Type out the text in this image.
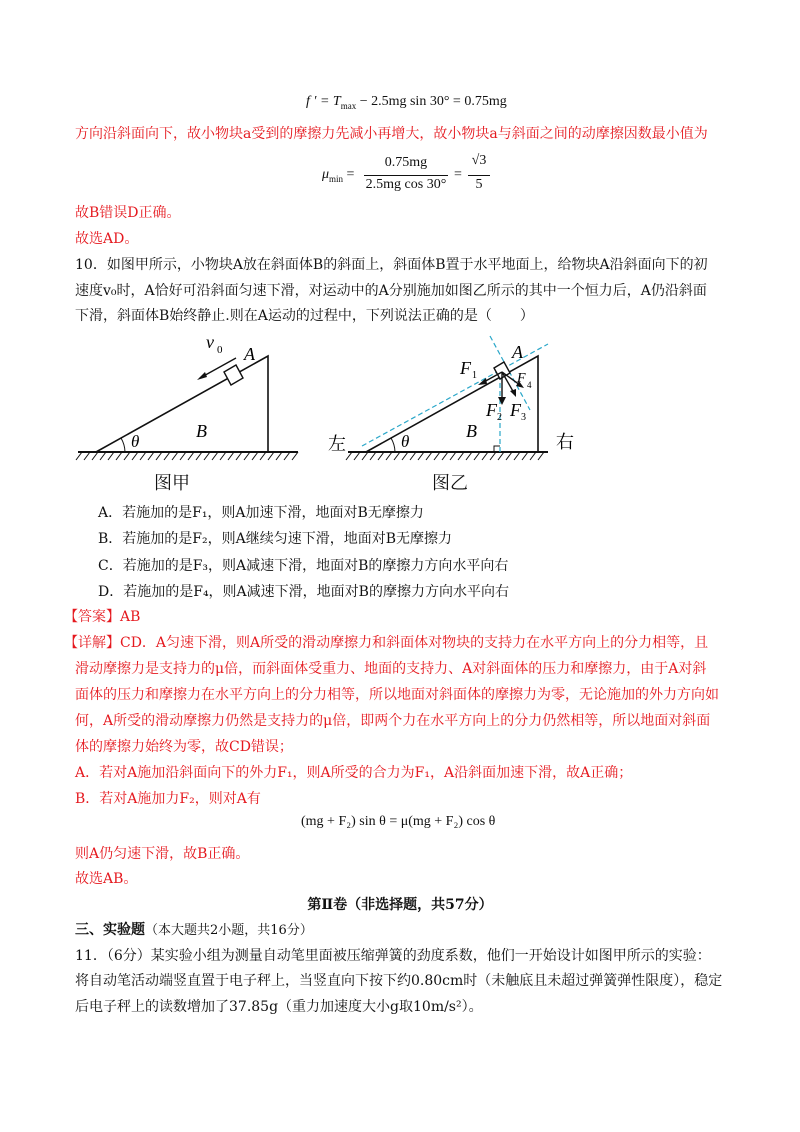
f ′ = $T_{max} - 2.5mg$ sin 30° = 0.75mg
方向沿斜面向下，故小物块a受到的摩擦力先减小再增大，故小物块a与斜面之间的动摩擦因数最小值为
$\mu_{min}$ =
0.75mg
2.5mg cos 30°
=
√3
5
故B错误D正确。
故选AD。
10．如图甲所示，小物块A放在斜面体B的斜面上，斜面体B置于水平地面上，给物块A沿斜面向下的初
速度v₀时，A恰好可沿斜面匀速下滑，对运动中的A分别施加如图乙所示的其中一个恒力后，A仍沿斜面
下滑，斜面体B始终静止.则在A运动的过程中，下列说法正确的是（　　）
v 0 A
B
θ
F 1
F 2 F 3
F 4
A
B
θ
左	右
图甲	图乙
A．若施加的是F₁，则A加速下滑，地面对B无摩擦力
B．若施加的是F₂，则A继续匀速下滑，地面对B无摩擦力
C．若施加的是F₃，则A减速下滑，地面对B的摩擦力方向水平向右
D．若施加的是F₄，则A减速下滑，地面对B的摩擦力方向水平向右
【答案】AB
【详解】CD．A匀速下滑，则A所受的滑动摩擦力和斜面体对物块的支持力在水平方向上的分力相等，且
滑动摩擦力是支持力的μ倍，而斜面体受重力、地面的支持力、A对斜面体的压力和摩擦力，由于A对斜
面体的压力和摩擦力在水平方向上的分力相等，所以地面对斜面体的摩擦力为零，无论施加的外力方向如
何，A所受的滑动摩擦力仍然是支持力的μ倍，即两个力在水平方向上的分力仍然相等，所以地面对斜面
体的摩擦力始终为零，故CD错误；
A．若对A施加沿斜面向下的外力F₁，则A所受的合力为F₁，A沿斜面加速下滑，故A正确；
B．若对A施加力F₂，则对A有
(mg + F₂) sin θ = μ(mg + F₂) cos θ
则A仍匀速下滑，故B正确。
故选AB。
第Ⅱ卷（非选择题，共57分）
三、实验题（本大题共2小题，共16分）
11．（6分）某实验小组为测量自动笔里面被压缩弹簧的劲度系数，他们一开始设计如图甲所示的实验：
将自动笔活动端竖直置于电子秤上，当竖直向下按下约0.80cm时（未触底且未超过弹簧弹性限度），稳定
后电子秤上的读数增加了37.85g（重力加速度大小g取10m/s²）。
